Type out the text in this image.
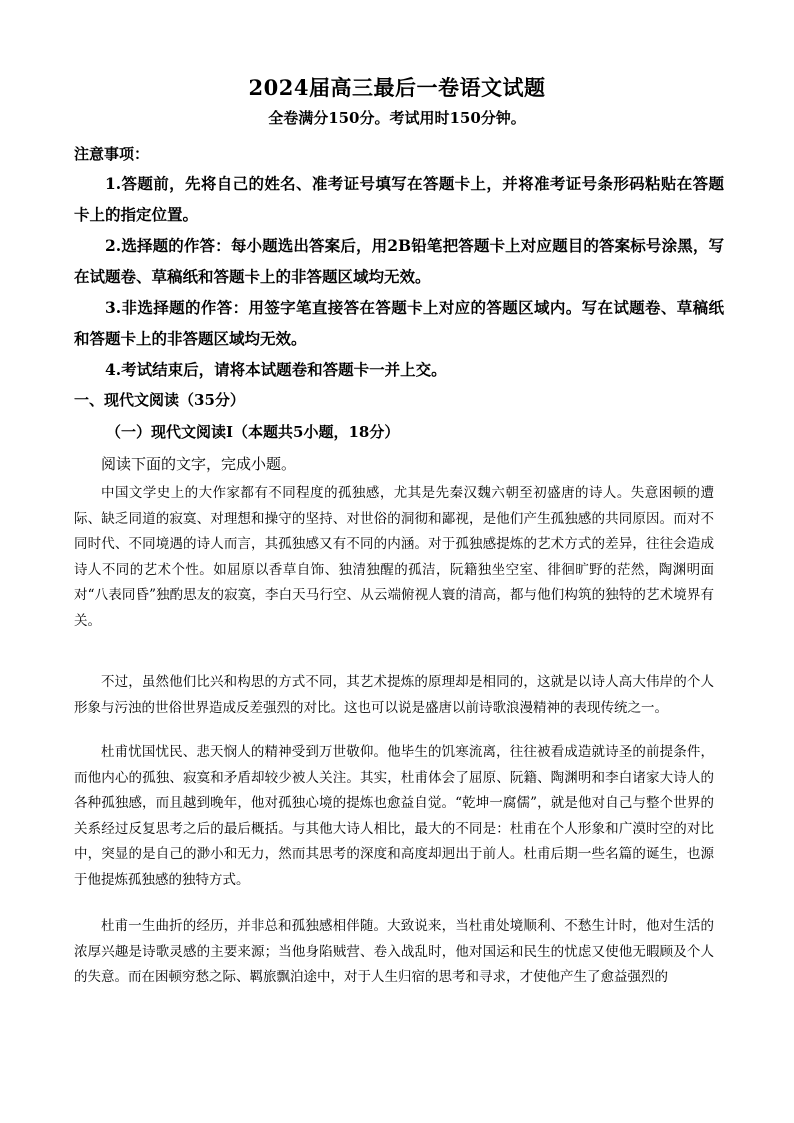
2024届高三最后一卷语文试题
全卷满分150分。考试用时150分钟。
注意事项：

1.答题前，先将自己的姓名、准考证号填写在答题卡上，并将准考证号条形码粘贴在答题卡上的指定位置。

2.选择题的作答：每小题选出答案后，用2B铅笔把答题卡上对应题目的答案标号涂黑，写在试题卷、草稿纸和答题卡上的非答题区域均无效。

3.非选择题的作答：用签字笔直接答在答题卡上对应的答题区域内。写在试题卷、草稿纸和答题卡上的非答题区域均无效。

4.考试结束后，请将本试题卷和答题卡一并上交。

一、现代文阅读（35分）
（一）现代文阅读Ⅰ（本题共5小题，18分）
阅读下面的文字，完成小题。

中国文学史上的大作家都有不同程度的孤独感，尤其是先秦汉魏六朝至初盛唐的诗人。失意困顿的遭际、缺乏同道的寂寞、对理想和操守的坚持、对世俗的洞彻和鄙视，是他们产生孤独感的共同原因。而对不同时代、不同境遇的诗人而言，其孤独感又有不同的内涵。对于孤独感提炼的艺术方式的差异，往往会造成诗人不同的艺术个性。如屈原以香草自饰、独清独醒的孤洁，阮籍独坐空室、徘徊旷野的茫然，陶渊明面对“八表同昏”独酌思友的寂寞，李白天马行空、从云端俯视人寰的清高，都与他们构筑的独特的艺术境界有关。

不过，虽然他们比兴和构思的方式不同，其艺术提炼的原理却是相同的，这就是以诗人高大伟岸的个人形象与污浊的世俗世界造成反差强烈的对比。这也可以说是盛唐以前诗歌浪漫精神的表现传统之一。

杜甫忧国忧民、悲天悯人的精神受到万世敬仰。他毕生的饥寒流离，往往被看成造就诗圣的前提条件，而他内心的孤独、寂寞和矛盾却较少被人关注。其实，杜甫体会了屈原、阮籍、陶渊明和李白诸家大诗人的各种孤独感，而且越到晚年，他对孤独心境的提炼也愈益自觉。“乾坤一腐儒”，就是他对自己与整个世界的关系经过反复思考之后的最后概括。与其他大诗人相比，最大的不同是：杜甫在个人形象和广漠时空的对比中，突显的是自己的渺小和无力，然而其思考的深度和高度却迥出于前人。杜甫后期一些名篇的诞生，也源于他提炼孤独感的独特方式。

杜甫一生曲折的经历，并非总和孤独感相伴随。大致说来，当杜甫处境顺利、不愁生计时，他对生活的浓厚兴趣是诗歌灵感的主要来源；当他身陷贼营、卷入战乱时，他对国运和民生的忧虑又使他无暇顾及个人的失意。而在困顿穷愁之际、羁旅飘泊途中，对于人生归宿的思考和寻求，才使他产生了愈益强烈的
